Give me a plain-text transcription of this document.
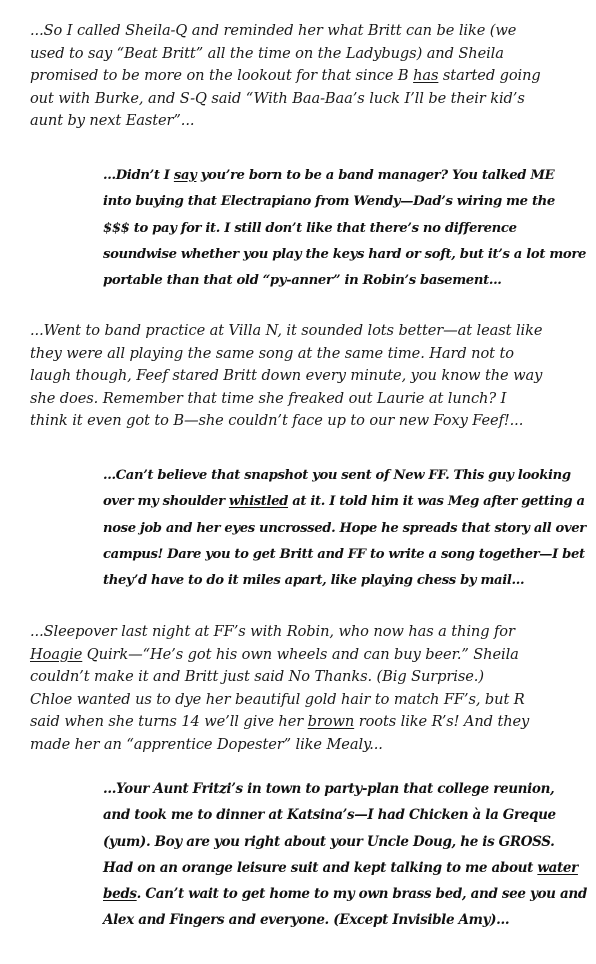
...So I called Sheila-Q and reminded her what Britt can be like (we
used to say “Beat Britt” all the time on the Ladybugs) and Sheila
promised to be more on the lookout for that since B has started going
out with Burke, and S-Q said “With Baa-Baa’s luck I’ll be their kid’s
aunt by next Easter”...
...Didn’t I say you’re born to be a band manager? You talked ME
into buying that Electrapiano from Wendy—Dad’s wiring me the
$$$ to pay for it. I still don’t like that there’s no difference
soundwise whether you play the keys hard or soft, but it’s a lot more
portable than that old “py-anner” in Robin’s basement...
...Went to band practice at Villa N, it sounded lots better—at least like
they were all playing the same song at the same time. Hard not to
laugh though, Feef stared Britt down every minute, you know the way
she does. Remember that time she freaked out Laurie at lunch? I
think it even got to B—she couldn’t face up to our new Foxy Feef!...
...Can’t believe that snapshot you sent of New FF. This guy looking
over my shoulder whistled at it. I told him it was Meg after getting a
nose job and her eyes uncrossed. Hope he spreads that story all over
campus! Dare you to get Britt and FF to write a song together—I bet
they’d have to do it miles apart, like playing chess by mail...
...Sleepover last night at FF’s with Robin, who now has a thing for
Hoagie Quirk—“He’s got his own wheels and can buy beer.” Sheila
couldn’t make it and Britt just said No Thanks. (Big Surprise.)
Chloe wanted us to dye her beautiful gold hair to match FF’s, but R
said when she turns 14 we’ll give her brown roots like R’s! And they
made her an “apprentice Dopester” like Mealy...
...Your Aunt Fritzi’s in town to party-plan that college reunion,
and took me to dinner at Katsina’s—I had Chicken à la Greque
(yum). Boy are you right about your Uncle Doug, he is GROSS.
Had on an orange leisure suit and kept talking to me about water
beds. Can’t wait to get home to my own brass bed, and see you and
Alex and Fingers and everyone. (Except Invisible Amy)...
